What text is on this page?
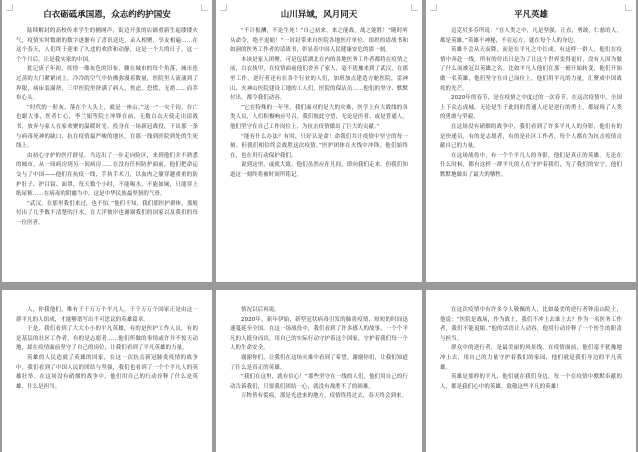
白衣砺砥承国恩，众志约约护国安

陆续解封的高校传来学生的捕网声，街边开张的店铺重新生起缕缕火气，疫情实时数据的数字逐渐有了喜讯送达，录入相聚，享友相遍……在这个春天，人们终于迎来了久违的欢欣和动静，这是一个大的日子，这一个个月后，让是我实家的中国。

犹记庚子年初，疫情一像灰色的旧布，骤在城市的每个角落，城市连过蒸的大门紧紧闭上，冷冷的空气中仿佛弥漫着数量，医院里人流涌到了界限，病床装满挤，三甲医院里挤满了病人，焦虑，恐慌，无措……而乔布心头。

“时代的一粒灰，落在个人头上，就是一座山。”这一“一灾千钧，存亡也跟大事，医者仁心，李兰娟等院士冲锋在前，无数白衣天使走出请战书，放弃与家人在家欢聚的温暖时光，投身在一场新冠战役，下出那一条与病毒死神的缺口，抗在疫情最严峻的地区，在那一线到医院到处的生死线上。

由初心守护的医疗群星，当迈出了一步走向险区，来到他们并不熟悉的城市，从一间病房到另一间病房……在没有任何防护面前，他们把命运交与了中国——他们在抗疫一线，手执手术刀，以血肉之躯穿越重重的防护肚子、护目镜、面罩，每天数个小时，不能喝水，不能如厕，只能穿上纸尿裤……在病毒的阴霾当中，这是中华民族最坚韧的气骨。

“武汉，在那里我们来过，也不怕。”他们不知，我们那医护群体，那般付出了几乎数不清楚的汗水，在大洋彼岸也谢谢我们的国家以及我们的每一位医者。

山川异域，风月同天

“不计报酬，不论生死！”自己初来，来之能战，战之能胜！”随时听从命令，绝不退缩！”一封封带来自医院各地医疗单位、组织的请战书和如洞的医务工作者的请战书，彰显着中国人民健康安危的那一刻。

本该是家人团聚，可是包括湖北在内的各地医务工作者都将在疫情之前，白衣执甲，在疫情面前他们舍弃了家人，毫不犹豫来到了武汉，在那里工作，逆行者还有在各个行业的人们，加班加点建造方舱医院，雷神山、火神山医院建设工地的工人们，医院的保洁员……他们的坚守、默默付出，都令我们动容。

“它在特殊的一年里，我们面对的是大的灾难，医学上有大战线的各类人员，人们积极响应号召，我们彼此守望，无论是医者、或是普通人。他们坚守在自己工作岗位上，为抗击疫情做出了巨大的贡献。”

“能有什么办法？有时，只好认是命！命我们共计疫情中坚守的每一刻。但我们相信终会战胜这次疫情。”医护团体在火线中冲锋，他们始终在，也在用行动保护我们。

说到这里，或就大致。他们虽然应在凡间，即向我们走来，但我们知道这一刻终将被时间所铭记。

平凡英雄

迈克贝多芬所说：“在人类之中，凡是坚强，正直，勇敢，仁慈的人，都是英雄。”英雄不神秘，不在远方，就在每个人的身边。

英雄不会从天而降，而是在平凡之中长成。有这样一群人，他们在疫情中奔赴一线，所有的付出只是为了让这个世界变得更好，没有人因为做了什么而被冠以英雄之名。比如平凡人他们在那一刻开始转变，他们开始做一名英雄，他们坚守在自己岗位上，他们用平凡的力量，汇聚成中国战疫的光芒。

2020年的春节，是在疫情之中度过的一次春节。在这次疫情中，全国上下众志成城，无论是生于此间的普通人还是逆行的勇士，都展现了人类的勇敢与坚毅。

在这场没有硝烟的战争中，我们看到了许多平凡人的身影，他们有的是快递员，有的是志愿者，有的是社区工作者，每个人都在为抗击疫情贡献自己的力量。

在这场战役中，有一个个平凡人的身影，他们是真正的英雄。无论在什么时候，都有这样一群平凡的人在守护着我们，为了我们的安宁，他们默默地做出了最大的牺牲。

人，你我他们，唯有千千万万个平凡人，千千万万个国家正是由这一群平凡的人组成，才能够谱写出不可思议的英雄篇章。

于是，我们看到了大大小小的平凡英雄，有的是医护工作人员，有的是基层的社区工作者，有的是志愿者……他们所做的事情或许并不惊天动地，却在疫情面前坚守了自己的岗位，让我们看到了平凡英雄的力量。

英雄的人民造就了英雄的国家，在这一次抗击新冠肺炎疫情的战争中，我们看到了中国人民的团结与坚强，我们也看到了一个个平凡人的英雄壮举。在这场没有硝烟的战争中，他们用自己的行动诠释了什么是英雄，什么是担当。

情况以后再说。

2020年，新年伊始，新型冠状病毒引发的肺炎疫情，短短的时间迅速蔓延至全国。在这一场战役中，我们看到了许多感人的故事，一个个平凡的人挺身而出，用自己的实际行动守护着这个国家，守护着我们每一个人的生命安全。

谢谢你们，让我们在这场灾难中看到了希望。谢谢你们，让我们知道了什么是真正的英雄。

“我们在这里，就有信心！”那些坚守在一线的人们，他们用自己的行动告诉我们，只要我们团结一心，就没有战胜不了的困难。

万物皆有裂痕，那是光进来的地方，疫情终将过去，春天终会到来。

在这次疫情中有许多令人敬佩的人，比如最美的逆行者钟南山院士，他说：“医院是战场，作为战士，我们不冲上去谁上去？作为一名医务工作者，我们不能退缩。”他的话语让人动容，他用行动诠释了一个医生的职责与担当。

群众中的逆行者，是最美丽的风景线。在疫情面前，他们毫不犹豫地冲上去，用自己的力量守护着我们的家园，他们就是我们身边的平凡英雄。

英雄是那样的平凡，他们就在我们身边，每一个在疫情中默默奉献的人，都是我们心中的英雄。致敬这些平凡的英雄！
